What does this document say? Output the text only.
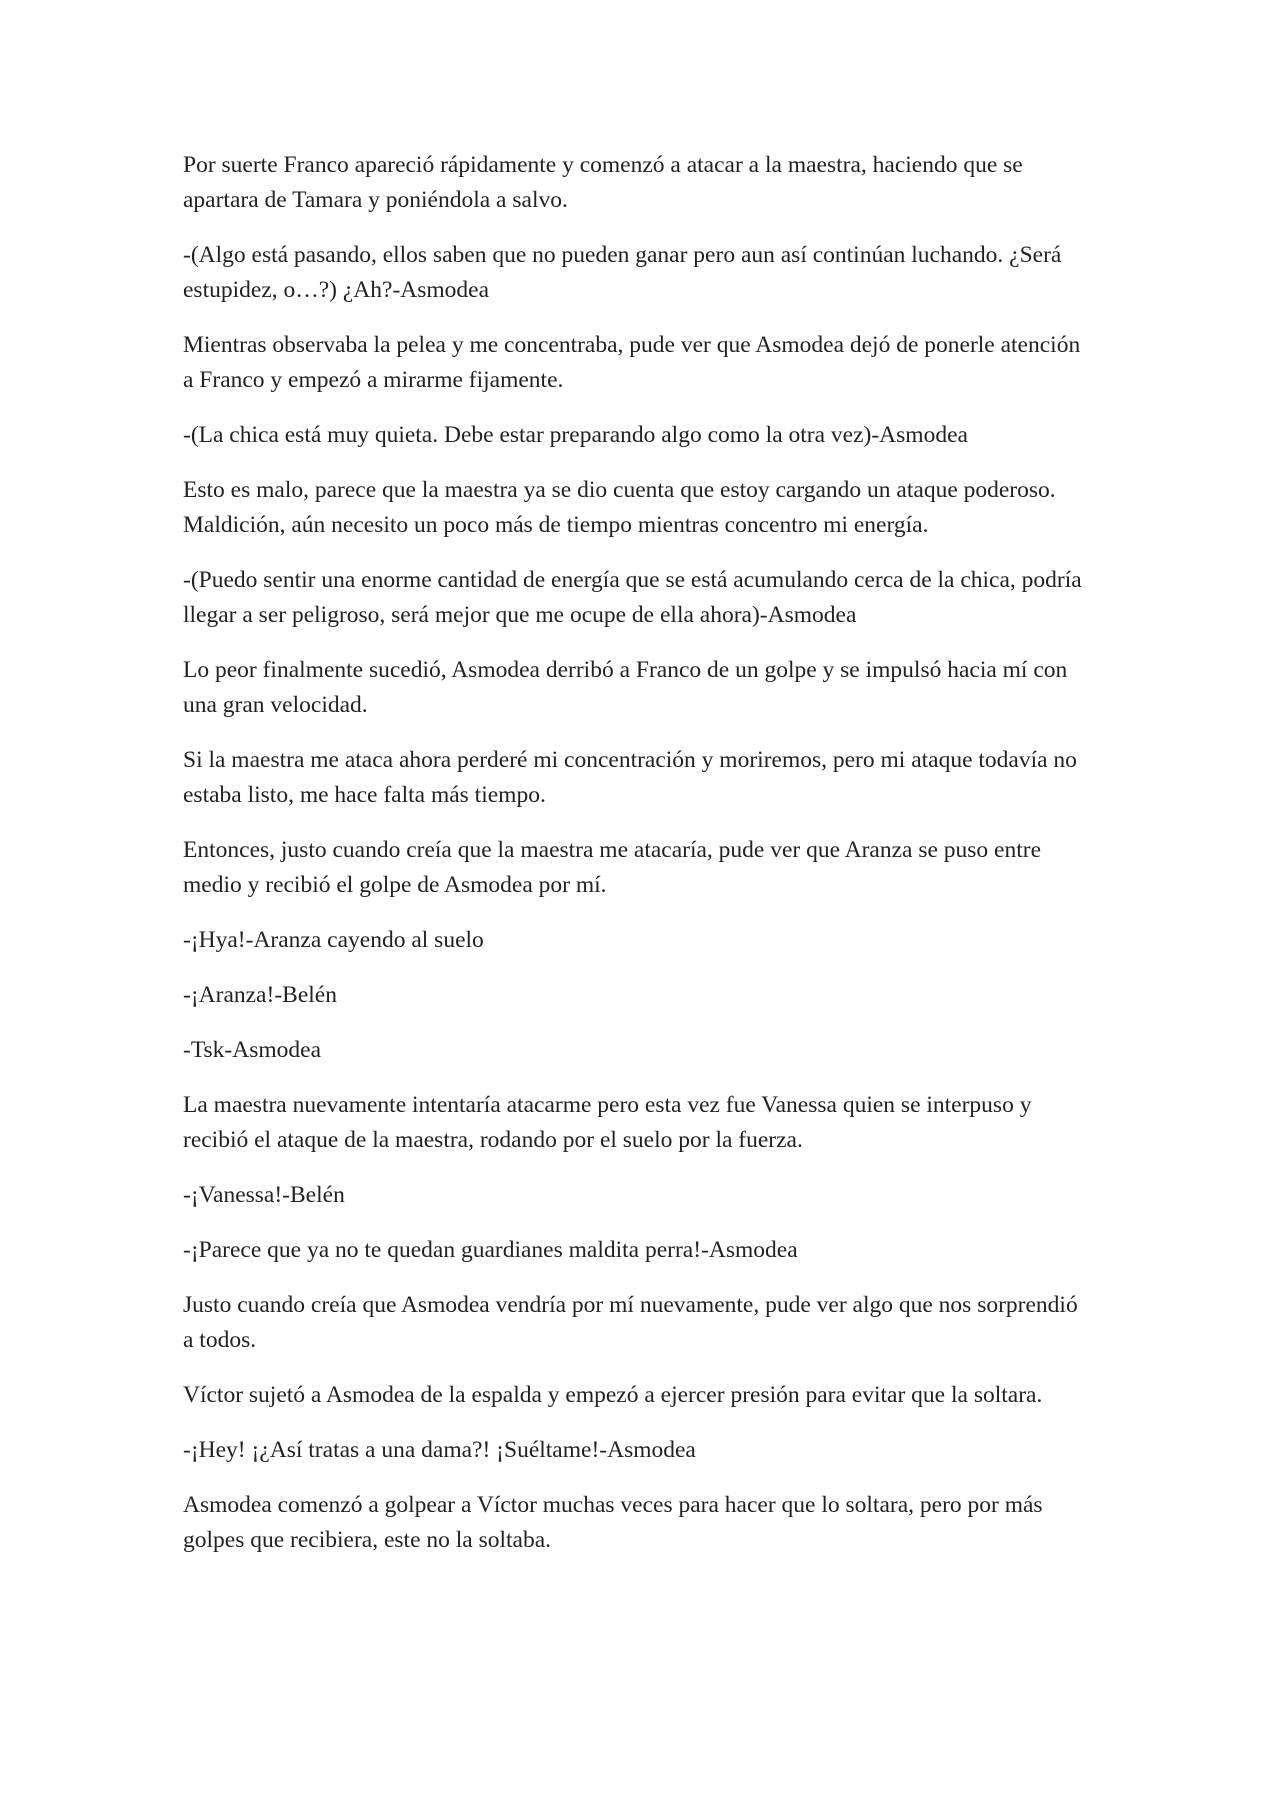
Por suerte Franco apareció rápidamente y comenzó a atacar a la maestra, haciendo que se apartara de Tamara y poniéndola a salvo.

-(Algo está pasando, ellos saben que no pueden ganar pero aun así continúan luchando. ¿Será estupidez, o…?) ¿Ah?-Asmodea

Mientras observaba la pelea y me concentraba, pude ver que Asmodea dejó de ponerle atención a Franco y empezó a mirarme fijamente.

-(La chica está muy quieta. Debe estar preparando algo como la otra vez)-Asmodea

Esto es malo, parece que la maestra ya se dio cuenta que estoy cargando un ataque poderoso. Maldición, aún necesito un poco más de tiempo mientras concentro mi energía.

-(Puedo sentir una enorme cantidad de energía que se está acumulando cerca de la chica, podría llegar a ser peligroso, será mejor que me ocupe de ella ahora)-Asmodea

Lo peor finalmente sucedió, Asmodea derribó a Franco de un golpe y se impulsó hacia mí con una gran velocidad.

Si la maestra me ataca ahora perderé mi concentración y moriremos, pero mi ataque todavía no estaba listo, me hace falta más tiempo.

Entonces, justo cuando creía que la maestra me atacaría, pude ver que Aranza se puso entre medio y recibió el golpe de Asmodea por mí.

-¡Hya!-Aranza cayendo al suelo

-¡Aranza!-Belén

-Tsk-Asmodea

La maestra nuevamente intentaría atacarme pero esta vez fue Vanessa quien se interpuso y recibió el ataque de la maestra, rodando por el suelo por la fuerza.

-¡Vanessa!-Belén

-¡Parece que ya no te quedan guardianes maldita perra!-Asmodea

Justo cuando creía que Asmodea vendría por mí nuevamente, pude ver algo que nos sorprendió a todos.

Víctor sujetó a Asmodea de la espalda y empezó a ejercer presión para evitar que la soltara.

-¡Hey! ¡¿Así tratas a una dama?! ¡Suéltame!-Asmodea

Asmodea comenzó a golpear a Víctor muchas veces para hacer que lo soltara, pero por más golpes que recibiera, este no la soltaba.
